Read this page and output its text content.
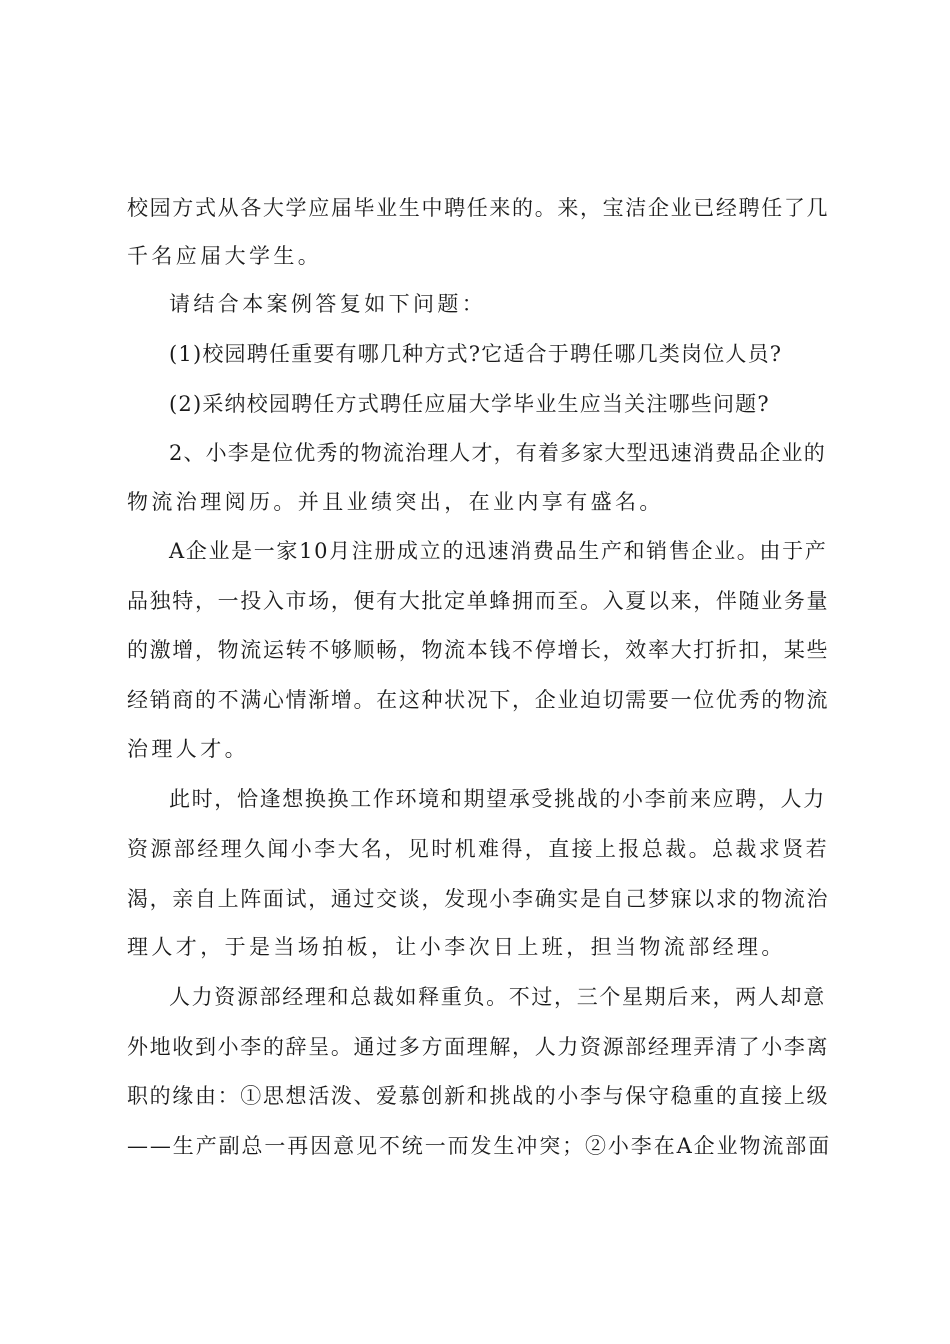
校园方式从各大学应届毕业生中聘任来的。来，宝洁企业已经聘任了几
千名应届大学生。
请结合本案例答复如下问题：
(1)校园聘任重要有哪几种方式?它适合于聘任哪几类岗位人员?
(2)采纳校园聘任方式聘任应届大学毕业生应当关注哪些问题?
2、小李是位优秀的物流治理人才，有着多家大型迅速消费品企业的
物流治理阅历。并且业绩突出，在业内享有盛名。
A企业是一家10月注册成立的迅速消费品生产和销售企业。由于产
品独特，一投入市场，便有大批定单蜂拥而至。入夏以来，伴随业务量
的激增，物流运转不够顺畅，物流本钱不停增长，效率大打折扣，某些
经销商的不满心情渐增。在这种状况下，企业迫切需要一位优秀的物流
治理人才。
此时，恰逢想换换工作环境和期望承受挑战的小李前来应聘，人力
资源部经理久闻小李大名，见时机难得，直接上报总裁。总裁求贤若
渴，亲自上阵面试，通过交谈，发现小李确实是自己梦寐以求的物流治
理人才，于是当场拍板，让小李次日上班，担当物流部经理。
人力资源部经理和总裁如释重负。不过，三个星期后来，两人却意
外地收到小李的辞呈。通过多方面理解，人力资源部经理弄清了小李离
职的缘由：①思想活泼、爱慕创新和挑战的小李与保守稳重的直接上级
——生产副总一再因意见不统一而发生冲突；②小李在A企业物流部面
